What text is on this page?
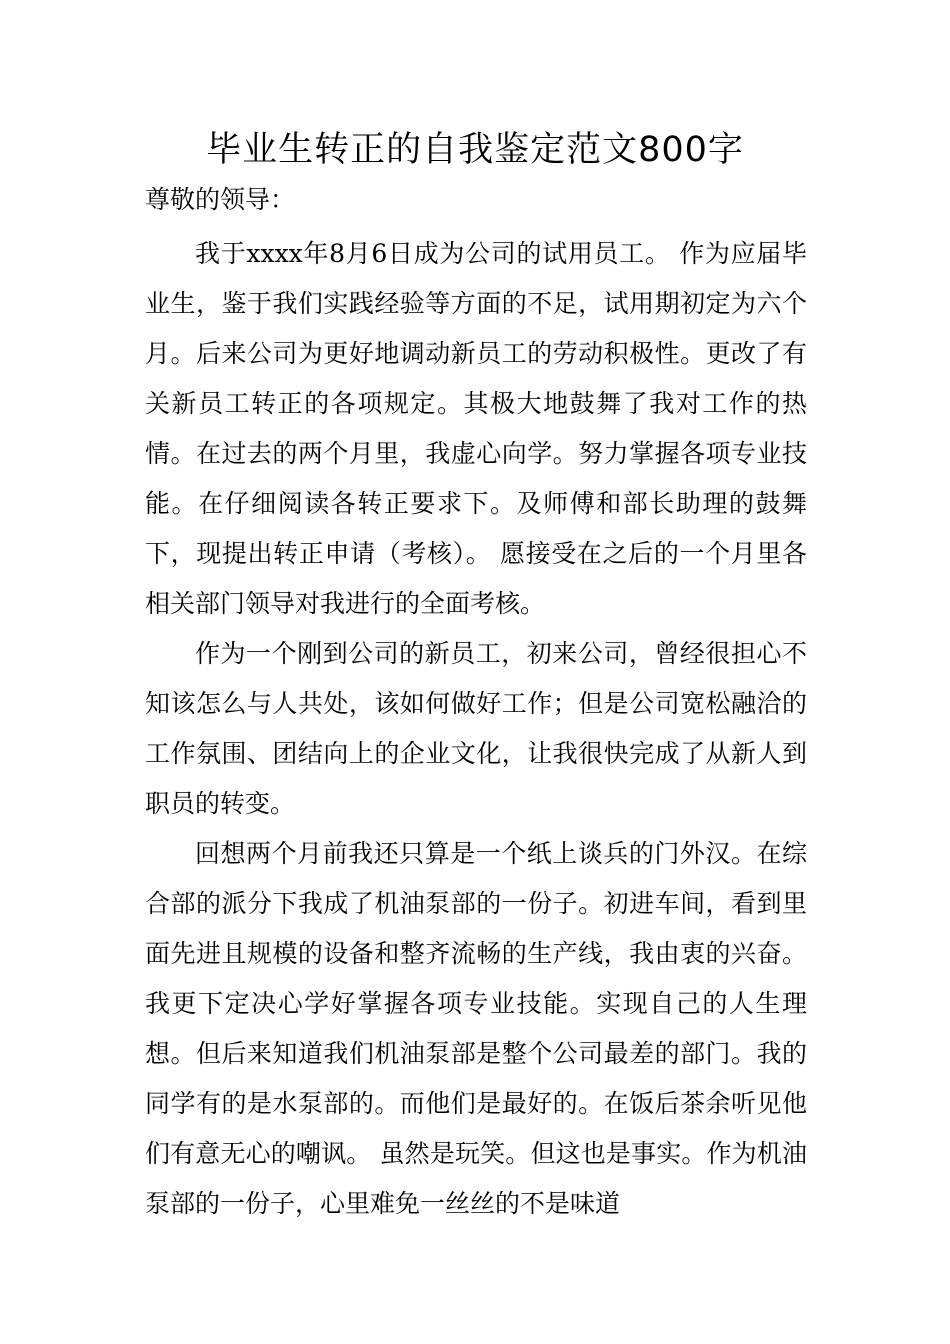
毕业生转正的自我鉴定范文800字
尊敬的领导：

我于xxxx年8月6日成为公司的试用员工。 作为应届毕业生，鉴于我们实践经验等方面的不足，试用期初定为六个月。后来公司为更好地调动新员工的劳动积极性。更改了有关新员工转正的各项规定。其极大地鼓舞了我对工作的热情。在过去的两个月里，我虚心向学。努力掌握各项专业技能。在仔细阅读各转正要求下。及师傅和部长助理的鼓舞下，现提出转正申请（考核）。 愿接受在之后的一个月里各相关部门领导对我进行的全面考核。

作为一个刚到公司的新员工，初来公司，曾经很担心不知该怎么与人共处，该如何做好工作；但是公司宽松融洽的工作氛围、团结向上的企业文化，让我很快完成了从新人到职员的转变。

回想两个月前我还只算是一个纸上谈兵的门外汉。在综合部的派分下我成了机油泵部的一份子。初进车间，看到里面先进且规模的设备和整齐流畅的生产线，我由衷的兴奋。我更下定决心学好掌握各项专业技能。实现自己的人生理想。但后来知道我们机油泵部是整个公司最差的部门。我的同学有的是水泵部的。而他们是最好的。在饭后茶余听见他们有意无心的嘲讽。 虽然是玩笑。但这也是事实。作为机油泵部的一份子，心里难免一丝丝的不是味道
